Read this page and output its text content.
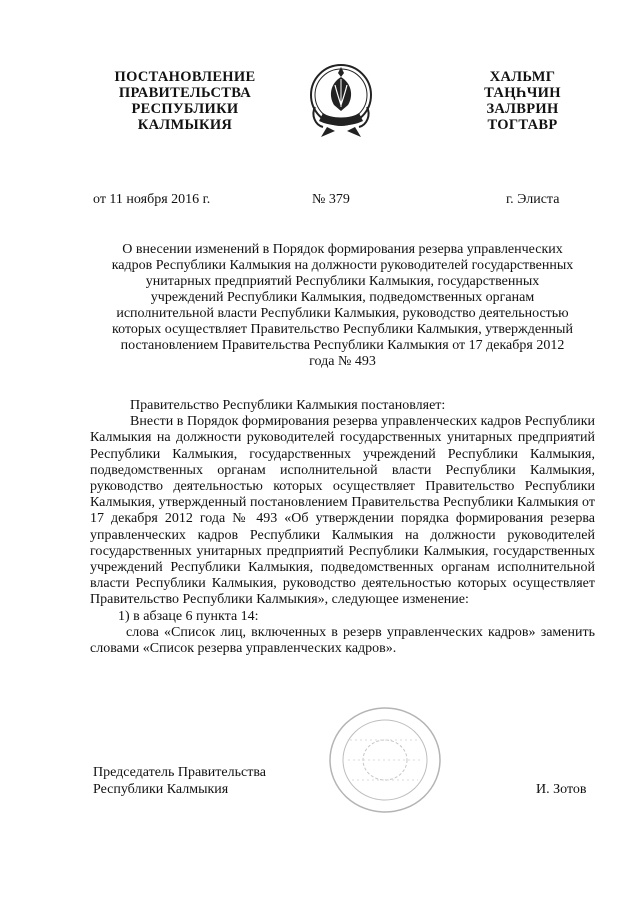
ПОСТАНОВЛЕНИЕ
ПРАВИТЕЛЬСТВА
РЕСПУБЛИКИ
КАЛМЫКИЯ
ХАЛЬМГ
ТАҢҺЧИН
ЗАЛВРИН
ТОГТАВР
от 11 ноября 2016 г.	№ 379	г. Элиста
О внесении изменений в Порядок формирования резерва управленческих
кадров Республики Калмыкия на должности руководителей государственных
унитарных предприятий Республики Калмыкия, государственных
учреждений Республики Калмыкия, подведомственных органам
исполнительной власти Республики Калмыкия, руководство деятельностью
которых осуществляет Правительство Республики Калмыкия, утвержденный
постановлением Правительства Республики Калмыкия от 17 декабря 2012
года № 493

Правительство Республики Калмыкия постановляет:

Внести в Порядок формирования резерва управленческих кадров Республики Калмыкия на должности руководителей государственных унитарных предприятий Республики Калмыкия, государственных учреждений Республики Калмыкия, подведомственных органам исполнительной власти Республики Калмыкия, руководство деятельностью которых осуществляет Правительство Республики Калмыкия, утвержденный постановлением Правительства Республики Калмыкия от 17 декабря 2012 года № 493 «Об утверждении порядка формирования резерва управленческих кадров Республики Калмыкия на должности руководителей государственных унитарных предприятий Республики Калмыкия, государственных учреждений Республики Калмыкия, подведомственных органам исполнительной власти Республики Калмыкия, руководство деятельностью которых осуществляет Правительство Республики Калмыкия», следующее изменение:

1) в абзаце 6 пункта 14:

слова «Список лиц, включенных в резерв управленческих кадров» заменить словами «Список резерва управленческих кадров».

Председатель Правительства
Республики Калмыкия	И. Зотов
